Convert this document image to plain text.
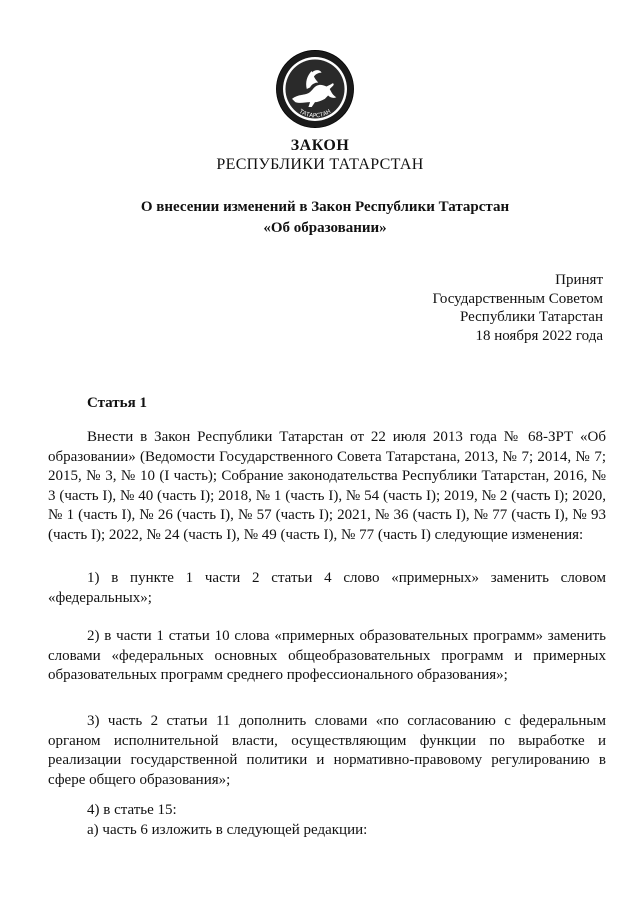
ТАТАРСТАН
ЗАКОН
РЕСПУБЛИКИ ТАТАРСТАН
О внесении изменений в Закон Республики Татарстан
«Об образовании»
Принят
Государственным Советом
Республики Татарстан
18 ноября 2022 года
Статья 1

Внести в Закон Республики Татарстан от 22 июля 2013 года № 68-ЗРТ «Об образовании» (Ведомости Государственного Совета Татарстана, 2013, № 7; 2014, № 7; 2015, № 3, № 10 (I часть); Собрание законодательства Республики Татарстан, 2016, № 3 (часть I), № 40 (часть I); 2018, № 1 (часть I), № 54 (часть I); 2019, № 2 (часть I); 2020, № 1 (часть I), № 26 (часть I), № 57 (часть I); 2021, № 36 (часть I), № 77 (часть I), № 93 (часть I); 2022, № 24 (часть I), № 49 (часть I), № 77 (часть I) следующие изменения:

1) в пункте 1 части 2 статьи 4 слово «примерных» заменить словом «федеральных»;

2) в части 1 статьи 10 слова «примерных образовательных программ» заменить словами «федеральных основных общеобразовательных программ и примерных образовательных программ среднего профессионального образования»;

3) часть 2 статьи 11 дополнить словами «по согласованию с федеральным органом исполнительной власти, осуществляющим функции по выработке и реализации государственной политики и нормативно-правовому регулированию в сфере общего образования»;

4) в статье 15:

а) часть 6 изложить в следующей редакции:
